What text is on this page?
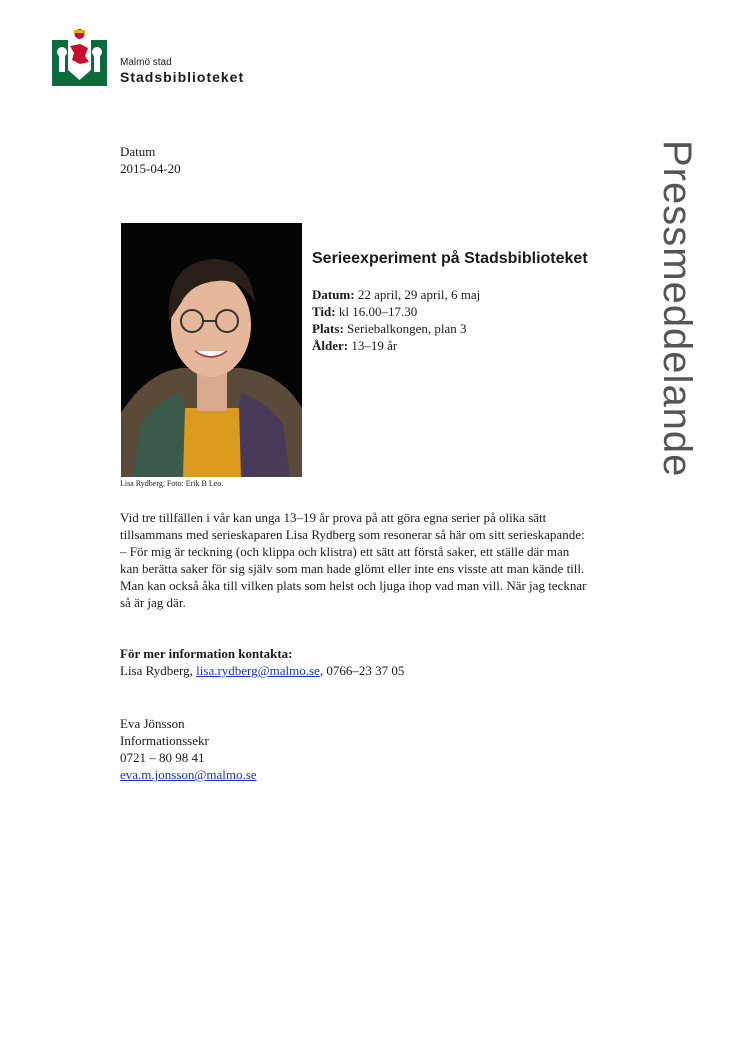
Malmö stad
Stadsbiblioteket
Datum
2015-04-20	Pressmeddelande
Lisa Rydberg. Foto: Erik B Leo.
Serieexperiment på Stadsbiblioteket

Datum: 22 april, 29 april, 6 maj

Tid: kl 16.00–17.30

Plats: Seriebalkongen, plan 3

Ålder: 13–19 år

Vid tre tillfällen i vår kan unga 13–19 år prova på att göra egna serier på olika sätt tillsammans med serieskaparen Lisa Rydberg som resonerar så här om sitt serieskapande:

– För mig är teckning (och klippa och klistra) ett sätt att förstå saker, ett ställe där man kan berätta saker för sig själv som man hade glömt eller inte ens visste att man kände till. Man kan också åka till vilken plats som helst och ljuga ihop vad man vill. När jag tecknar så är jag där.

För mer information kontakta:

Lisa Rydberg, lisa.rydberg@malmo.se, 0766–23 37 05

Eva Jönsson

Informationssekr

0721 – 80 98 41

eva.m.jonsson@malmo.se
